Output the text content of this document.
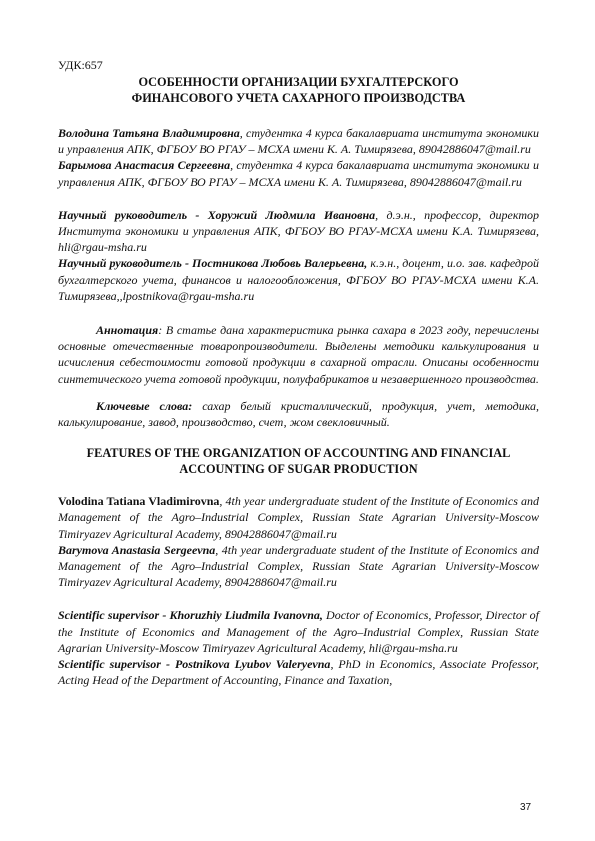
УДК:657
ОСОБЕННОСТИ ОРГАНИЗАЦИИ БУХГАЛТЕРСКОГО
ФИНАНСОВОГО УЧЕТА САХАРНОГО ПРОИЗВОДСТВА

Володина Татьяна Владимировна, студентка 4 курса бакалавриата института экономики и управления АПК, ФГБОУ ВО РГАУ – МСХА имени К. А. Тимирязева, 89042886047@mail.ru

Барымова Анастасия Сергеевна, студентка 4 курса бакалавриата института экономики и управления АПК, ФГБОУ ВО РГАУ – МСХА имени К. А. Тимирязева, 89042886047@mail.ru

Научный руководитель - Хоружий Людмила Ивановна, д.э.н., профессор, директор Института экономики и управления АПК, ФГБОУ ВО РГАУ-МСХА имени К.А. Тимирязева, hli@rgau-msha.ru

Научный руководитель - Постникова Любовь Валерьевна, к.э.н., доцент, и.о. зав. кафедрой бухгалтерского учета, финансов и налогообложения, ФГБОУ ВО РГАУ-МСХА имени К.А. Тимирязева,,lpostnikova@rgau-msha.ru

Аннотация: В статье дана характеристика рынка сахара в 2023 году, перечислены основные отечественные товаропроизводители. Выделены методики калькулирования и исчисления себестоимости готовой продукции в сахарной отрасли. Описаны особенности синтетического учета готовой продукции, полуфабрикатов и незавершенного производства.

Ключевые слова: сахар белый кристаллический, продукция, учет, методика, калькулирование, завод, производство, счет, жом свекловичный.

FEATURES OF THE ORGANIZATION OF ACCOUNTING AND FINANCIAL
ACCOUNTING OF SUGAR PRODUCTION

Volodina Tatiana Vladimirovna, 4th year undergraduate student of the Institute of Economics and Management of the Agro–Industrial Complex, Russian State Agrarian University-Moscow Timiryazev Agricultural Academy, 89042886047@mail.ru

Barymova Anastasia Sergeevna, 4th year undergraduate student of the Institute of Economics and Management of the Agro–Industrial Complex, Russian State Agrarian University-Moscow Timiryazev Agricultural Academy, 89042886047@mail.ru

Scientific supervisor - Khoruzhiy Liudmila Ivanovna, Doctor of Economics, Professor, Director of the Institute of Economics and Management of the Agro–Industrial Complex, Russian State Agrarian University-Moscow Timiryazev Agricultural Academy, hli@rgau-msha.ru

Scientific supervisor - Postnikova Lyubov Valeryevna, PhD in Economics, Associate Professor, Acting Head of the Department of Accounting, Finance and Taxation,

37
